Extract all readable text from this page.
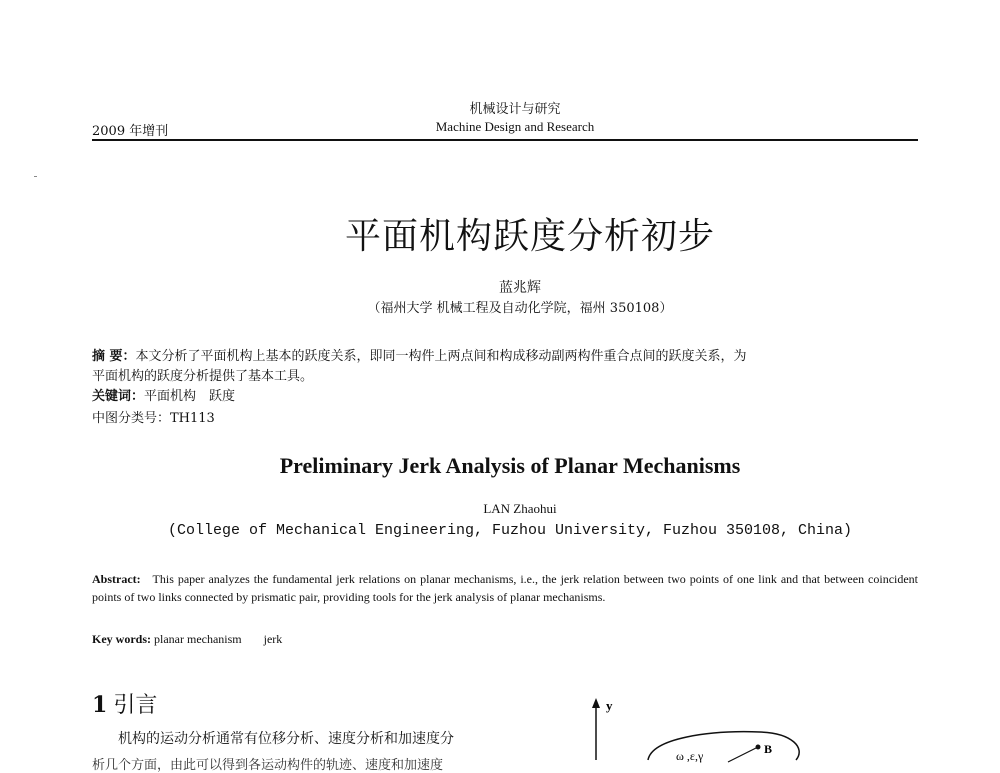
机械设计与研究
Machine Design and Research
2009 年增刊
平面机构跃度分析初步
蓝兆辉
（福州大学 机械工程及自动化学院，福州 350108）
摘 要：本文分析了平面机构上基本的跃度关系，即同一构件上两点间和构成移动副两构件重合点间的跃度关系，为
平面机构的跃度分析提供了基本工具。
关键词：平面机构　跃度
中图分类号：TH113
Preliminary Jerk Analysis of Planar Mechanisms
LAN Zhaohui
(College of Mechanical Engineering, Fuzhou University, Fuzhou 350108, China)
Abstract: This paper analyzes the fundamental jerk relations on planar mechanisms, i.e., the jerk relation between two points of one link and that between coincident points of two links connected by prismatic pair, providing tools for the jerk analysis of planar mechanisms.
Key words: planar mechanism jerk
1 引言
机构的运动分析通常有位移分析、速度分析和加速度分
析几个方面，由此可以得到各运动构件的轨迹、速度和加速度
y
ω ,ε,γ	B
